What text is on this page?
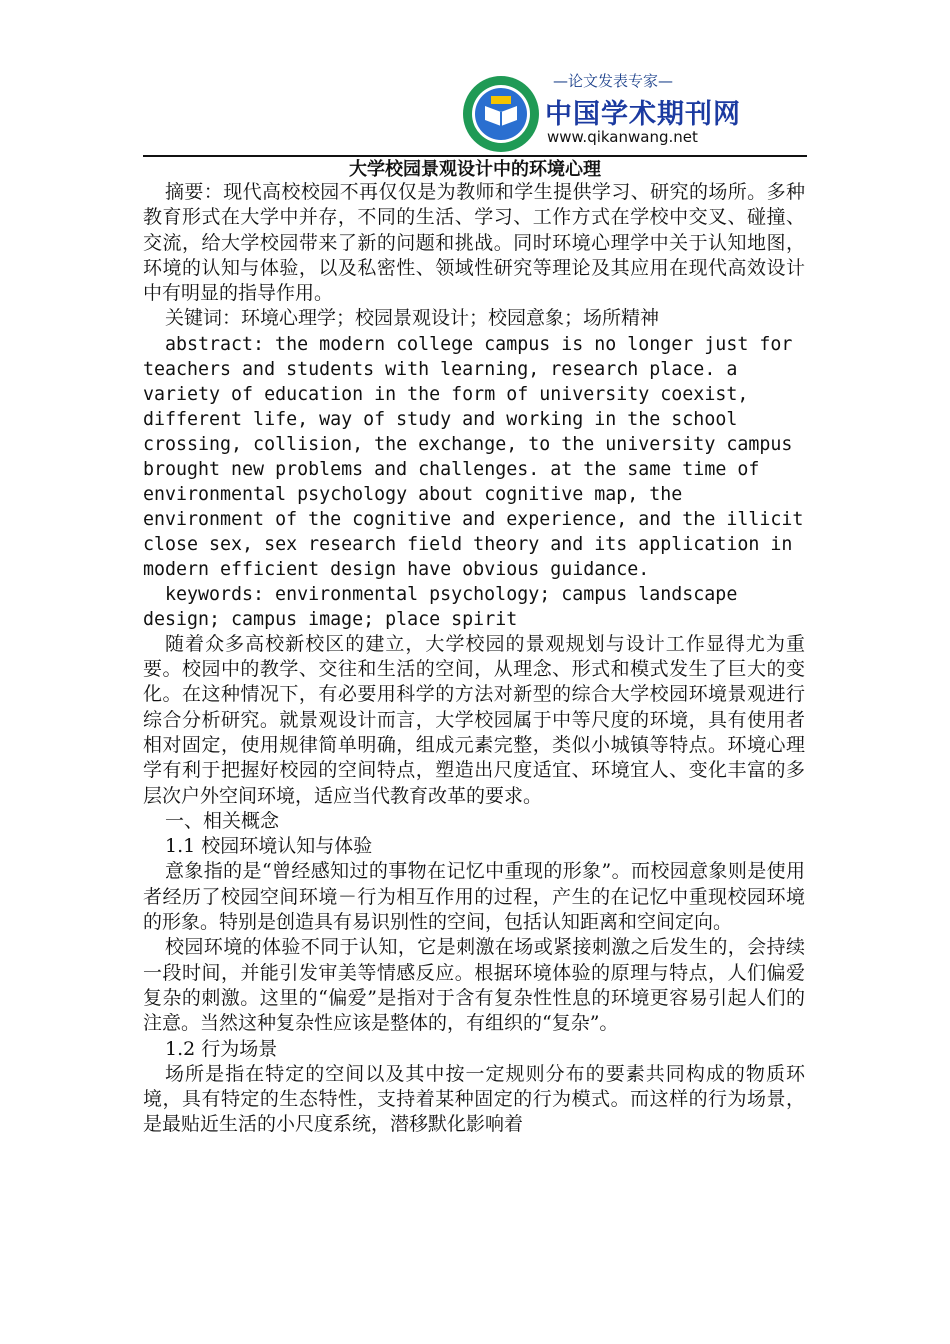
—论文发表专家—
中国学术期刊网
www.qikanwang.net
大学校园景观设计中的环境心理

摘要：现代高校校园不再仅仅是为教师和学生提供学习、研究的场所。多种教育形式在大学中并存，不同的生活、学习、工作方式在学校中交叉、碰撞、交流，给大学校园带来了新的问题和挑战。同时环境心理学中关于认知地图，环境的认知与体验，以及私密性、领域性研究等理论及其应用在现代高效设计中有明显的指导作用。

关键词：环境心理学；校园景观设计；校园意象；场所精神

abstract: the modern college campus is no longer just for teachers and students with learning, research place. a variety of education in the form of university coexist, different life, way of study and working in the school crossing, collision, the exchange, to the university campus brought new problems and challenges. at the same time of environmental psychology about cognitive map, the environment of the cognitive and experience, and the illicit close sex, sex research field theory and its application in modern efficient design have obvious guidance.

keywords: environmental psychology; campus landscape design; campus image; place spirit

随着众多高校新校区的建立，大学校园的景观规划与设计工作显得尤为重要。校园中的教学、交往和生活的空间，从理念、形式和模式发生了巨大的变化。在这种情况下，有必要用科学的方法对新型的综合大学校园环境景观进行综合分析研究。就景观设计而言，大学校园属于中等尺度的环境，具有使用者相对固定，使用规律简单明确，组成元素完整，类似小城镇等特点。环境心理学有利于把握好校园的空间特点，塑造出尺度适宜、环境宜人、变化丰富的多层次户外空间环境，适应当代教育改革的要求。

一、相关概念

1.1 校园环境认知与体验

意象指的是“曾经感知过的事物在记忆中重现的形象”。而校园意象则是使用者经历了校园空间环境－行为相互作用的过程，产生的在记忆中重现校园环境的形象。特别是创造具有易识别性的空间，包括认知距离和空间定向。

校园环境的体验不同于认知，它是刺激在场或紧接刺激之后发生的，会持续一段时间，并能引发审美等情感反应。根据环境体验的原理与特点，人们偏爱复杂的刺激。这里的“偏爱”是指对于含有复杂性性息的环境更容易引起人们的注意。当然这种复杂性应该是整体的，有组织的“复杂”。

1.2 行为场景

场所是指在特定的空间以及其中按一定规则分布的要素共同构成的物质环境，具有特定的生态特性，支持着某种固定的行为模式。而这样的行为场景，是最贴近生活的小尺度系统，潜移默化影响着
